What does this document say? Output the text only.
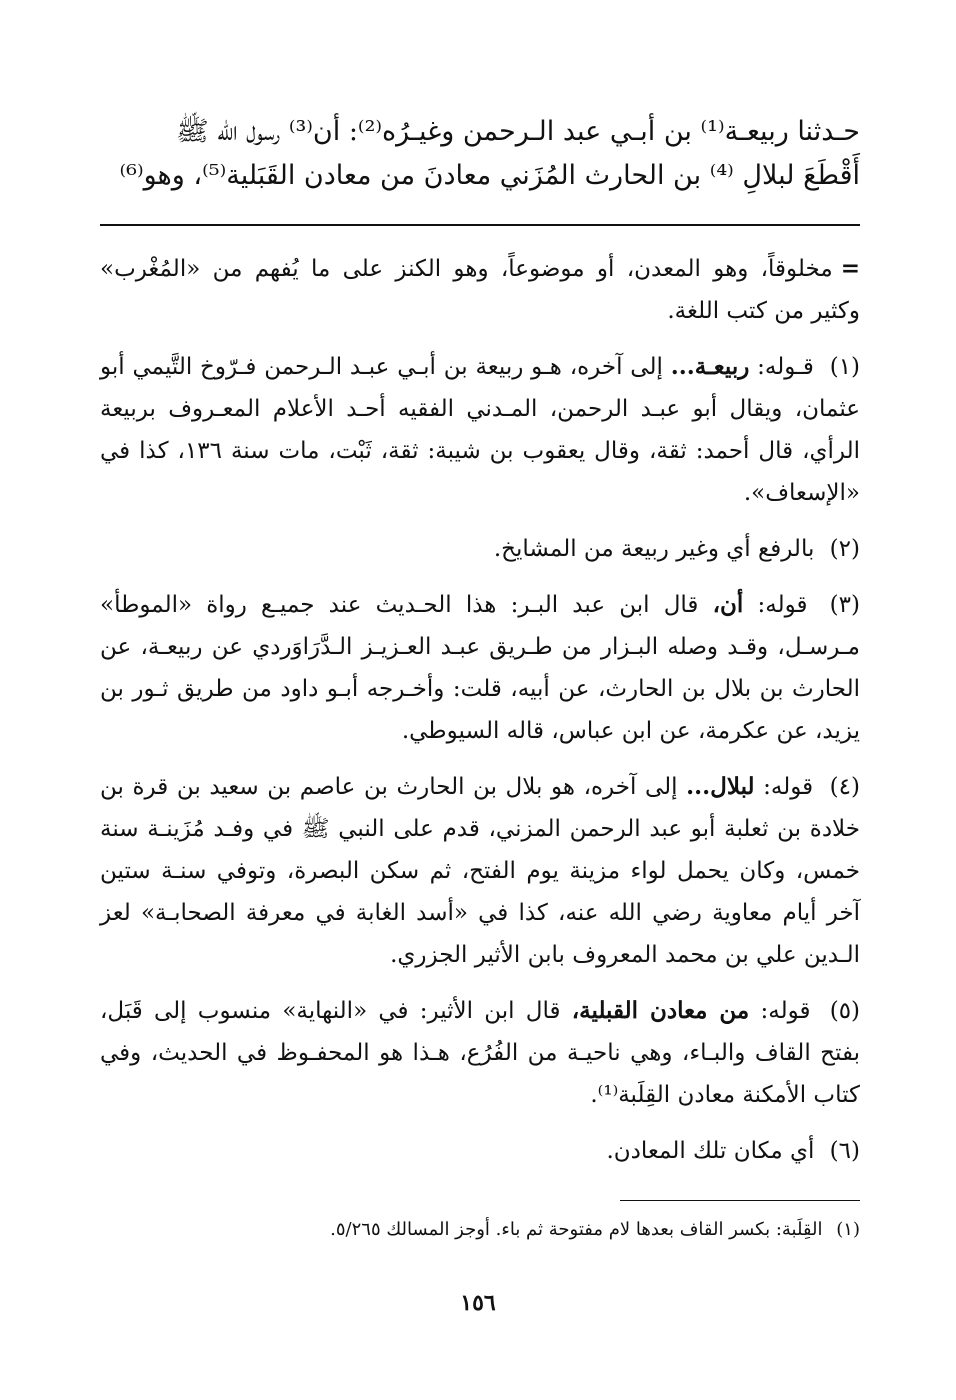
حـدثنا ربيعـة⁽¹⁾ بن أبـي عبد الـرحمن وغيـرُه⁽²⁾: أن⁽³⁾ رسول الله ﷺ
أَقْطَعَ لبلالِ ⁽⁴⁾ بن الحارث المُزَني معادنَ من معادن القَبَلية⁽⁵⁾، وهو⁽⁶⁾

=مخلوقاً، وهو المعدن، أو موضوعاً، وهو الكنز على ما يُفهم من «المُغْرب» وكثير من كتب اللغة.

(١) قـوله: ربيعـة... إلى آخره، هـو ربيعة بن أبـي عبـد الـرحمن فـرّوخ التَّيمي أبو عثمان، ويقال أبو عبـد الرحمن، المـدني الفقيه أحـد الأعلام المعـروف بربيعة الرأي، قال أحمد: ثقة، وقال يعقوب بن شيبة: ثقة، ثَبْت، مات سنة ١٣٦، كذا في «الإسعاف».

(٢) بالرفع أي وغير ربيعة من المشايخ.

(٣) قوله: أن، قال ابن عبد البـر: هذا الحـديث عند جميـع رواة «الموطأ» مـرسـل، وقـد وصله البـزار من طـريق عبـد العـزيـز الـدَّرَاوَردي عن ربيعـة، عن الحارث بن بلال بن الحارث، عن أبيه، قلت: وأخـرجه أبـو داود من طريق ثـور بن يزيد، عن عكرمة، عن ابن عباس، قاله السيوطي.

(٤) قوله: لبلال... إلى آخره، هو بلال بن الحارث بن عاصم بن سعيد بن قرة بن خلادة بن ثعلبة أبو عبد الرحمن المزني، قدم على النبي ﷺ في وفـد مُزَينـة سنة خمس، وكان يحمل لواء مزينة يوم الفتح، ثم سكن البصرة، وتوفي سنـة ستين آخر أيام معاوية رضي الله عنه، كذا في «أسد الغابة في معرفة الصحابـة» لعز الـدين علي بن محمد المعروف بابن الأثير الجزري.

(٥) قوله: من معادن القبلية، قال ابن الأثير: في «النهاية» منسوب إلى قَبَل، بفتح القاف والبـاء، وهي ناحيـة من الفُرُع، هـذا هو المحفـوظ في الحديث، وفي كتاب الأمكنة معادن القِلَبة⁽¹⁾.

(٦) أي مكان تلك المعادن.

(١) القِلَبة: بكسر القاف بعدها لام مفتوحة ثم باء. أوجز المسالك ٥/٢٦٥.
١٥٦
